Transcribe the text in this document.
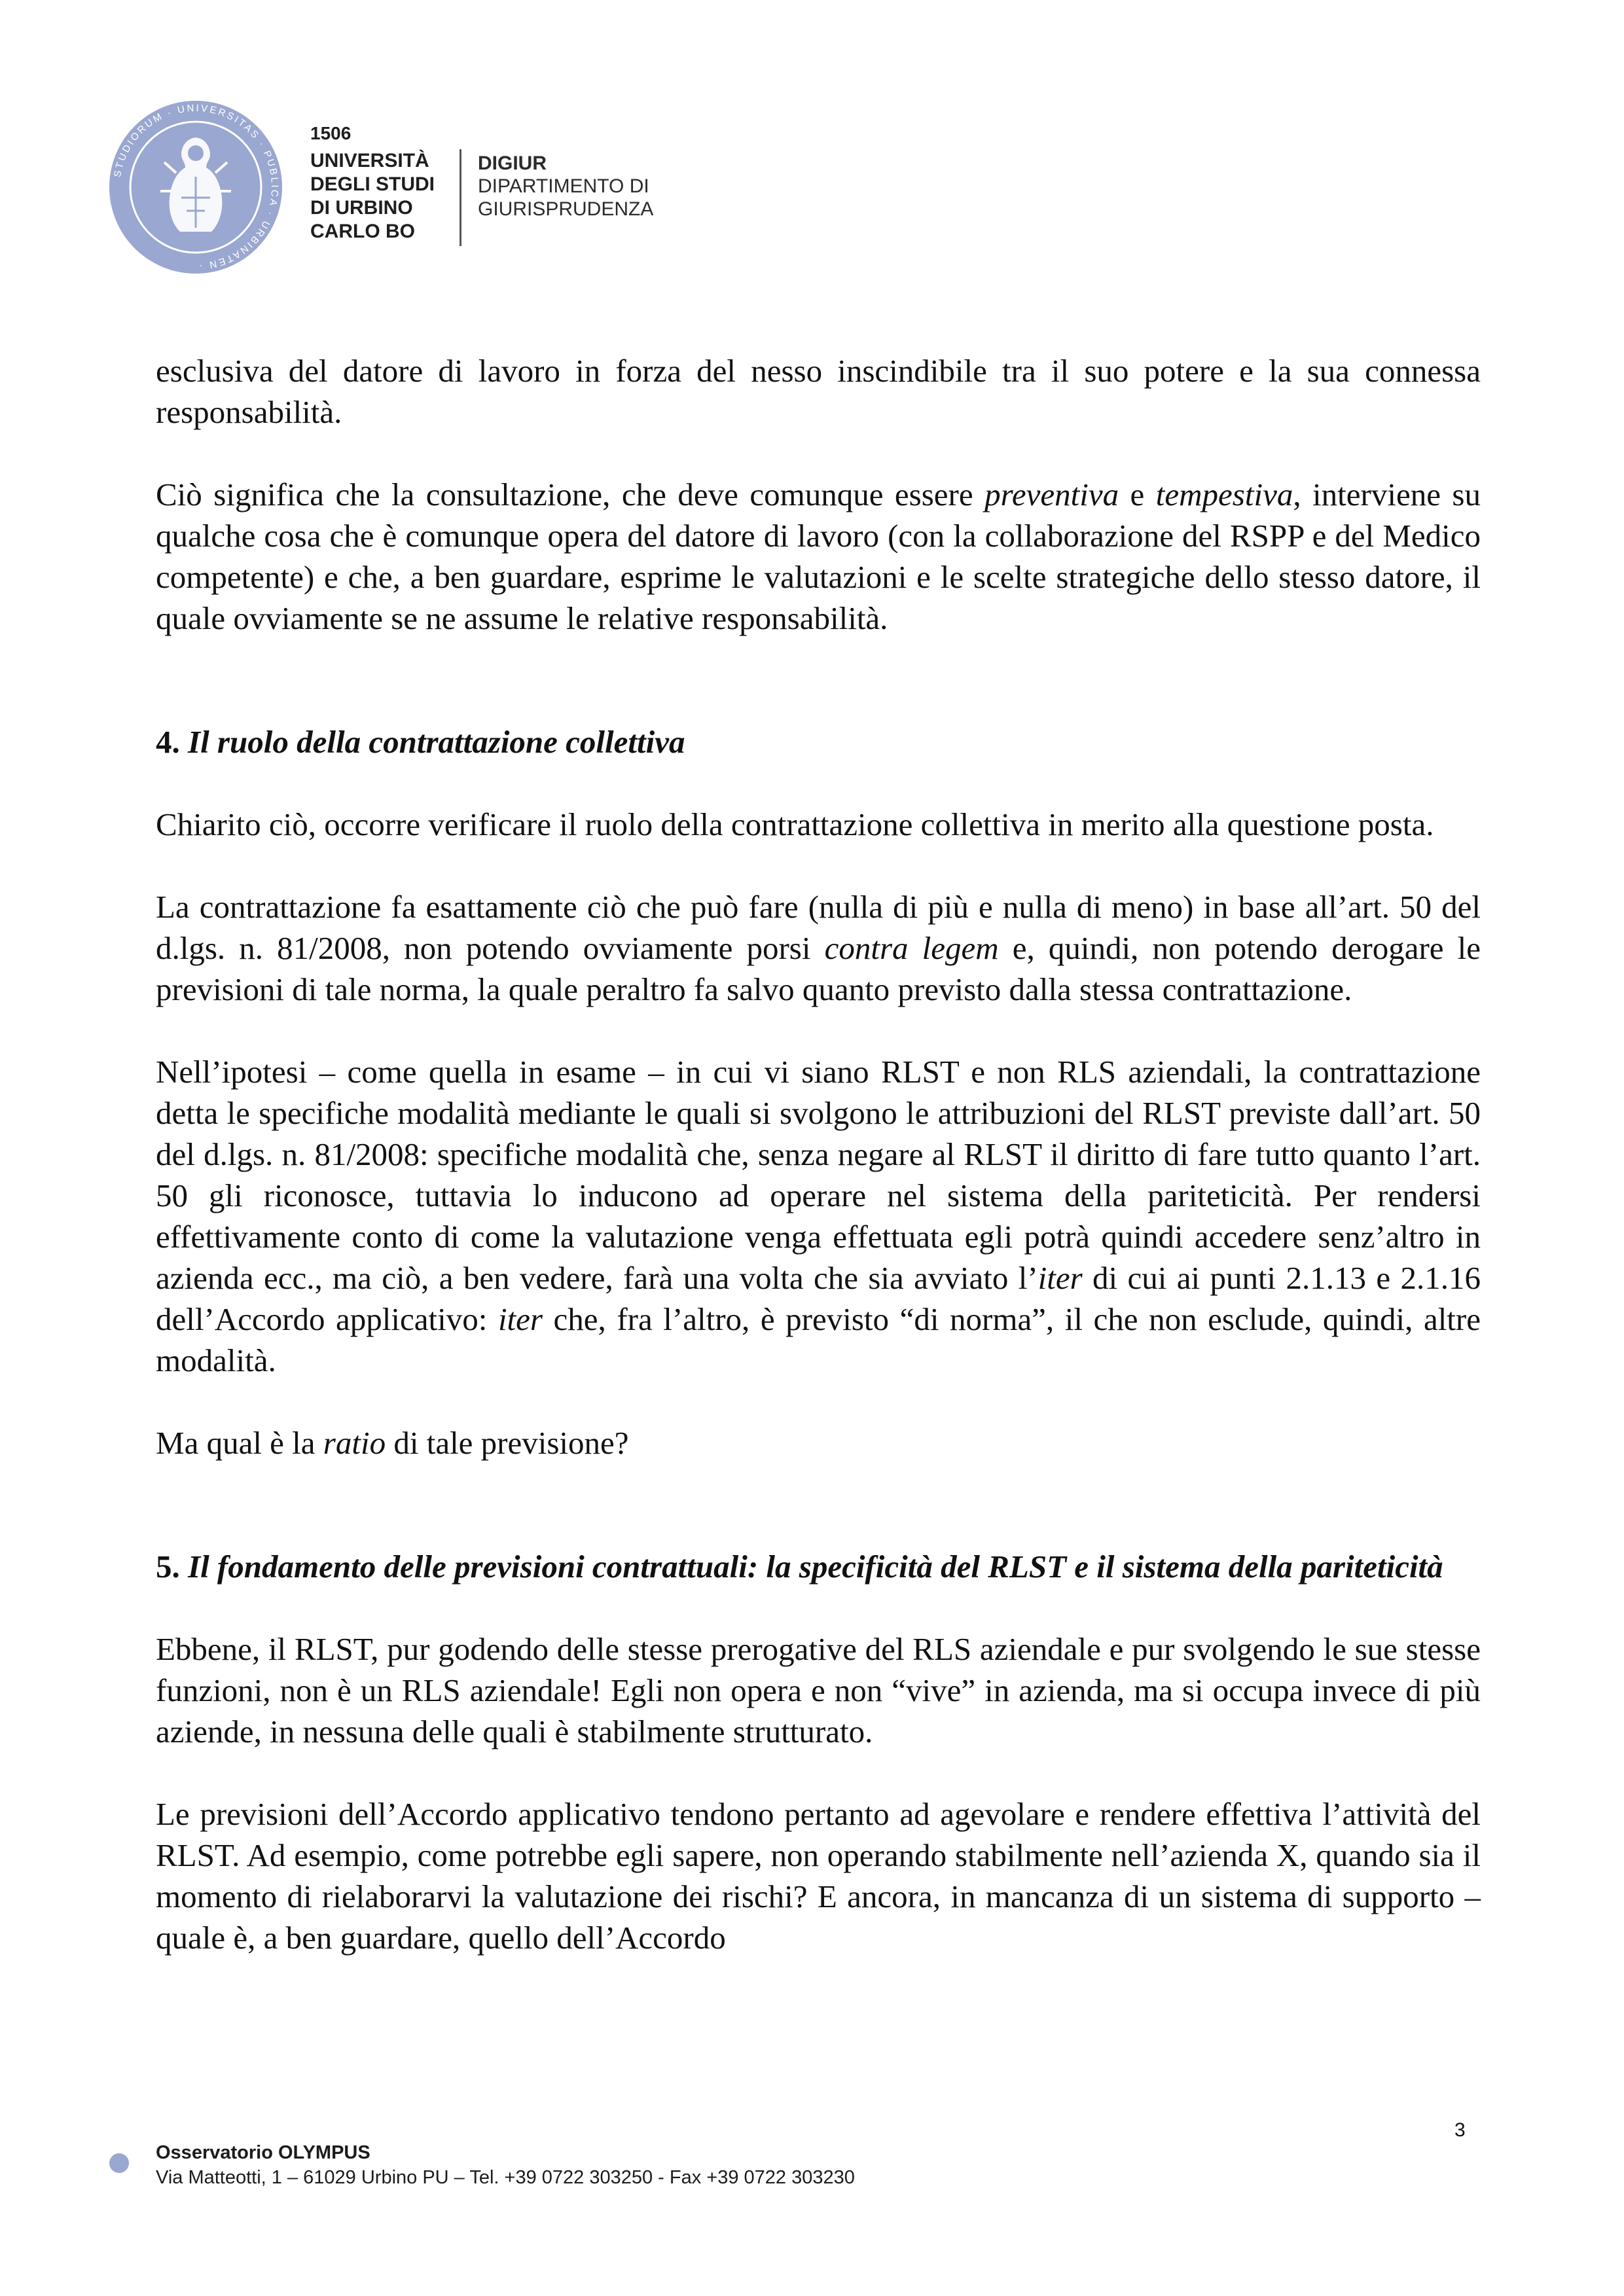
STUDIORUM · UNIVERSITAS · PUBLICA · URBINATEN ·
1506
UNIVERSITÀ
DEGLI STUDI
DI URBINO
CARLO BO
DIGIUR
DIPARTIMENTO DI
GIURISPRUDENZA

esclusiva del datore di lavoro in forza del nesso inscindibile tra il suo potere e la sua connessa responsabilità.

Ciò significa che la consultazione, che deve comunque essere preventiva e tempestiva, interviene su qualche cosa che è comunque opera del datore di lavoro (con la collaborazione del RSPP e del Medico competente) e che, a ben guardare, esprime le valutazioni e le scelte strategiche dello stesso datore, il quale ovviamente se ne assume le relative responsabilità.

4. Il ruolo della contrattazione collettiva

Chiarito ciò, occorre verificare il ruolo della contrattazione collettiva in merito alla questione posta.

La contrattazione fa esattamente ciò che può fare (nulla di più e nulla di meno) in base all’art. 50 del d.lgs. n. 81/2008, non potendo ovviamente porsi contra legem e, quindi, non potendo derogare le previsioni di tale norma, la quale peraltro fa salvo quanto previsto dalla stessa contrattazione.

Nell’ipotesi – come quella in esame – in cui vi siano RLST e non RLS aziendali, la contrattazione detta le specifiche modalità mediante le quali si svolgono le attribuzioni del RLST previste dall’art. 50 del d.lgs. n. 81/2008: specifiche modalità che, senza negare al RLST il diritto di fare tutto quanto l’art. 50 gli riconosce, tuttavia lo inducono ad operare nel sistema della pariteticità. Per rendersi effettivamente conto di come la valutazione venga effettuata egli potrà quindi accedere senz’altro in azienda ecc., ma ciò, a ben vedere, farà una volta che sia avviato l’iter di cui ai punti 2.1.13 e 2.1.16 dell’Accordo applicativo: iter che, fra l’altro, è previsto “di norma”, il che non esclude, quindi, altre modalità.

Ma qual è la ratio di tale previsione?

5. Il fondamento delle previsioni contrattuali: la specificità del RLST e il sistema della pariteticità

Ebbene, il RLST, pur godendo delle stesse prerogative del RLS aziendale e pur svolgendo le sue stesse funzioni, non è un RLS aziendale! Egli non opera e non “vive” in azienda, ma si occupa invece di più aziende, in nessuna delle quali è stabilmente strutturato.

Le previsioni dell’Accordo applicativo tendono pertanto ad agevolare e rendere effettiva l’attività del RLST. Ad esempio, come potrebbe egli sapere, non operando stabilmente nell’azienda X, quando sia il momento di rielaborarvi la valutazione dei rischi? E ancora, in mancanza di un sistema di supporto – quale è, a ben guardare, quello dell’Accordo

3
Osservatorio OLYMPUS
Via Matteotti, 1 – 61029 Urbino PU – Tel. +39 0722 303250 - Fax +39 0722 303230
